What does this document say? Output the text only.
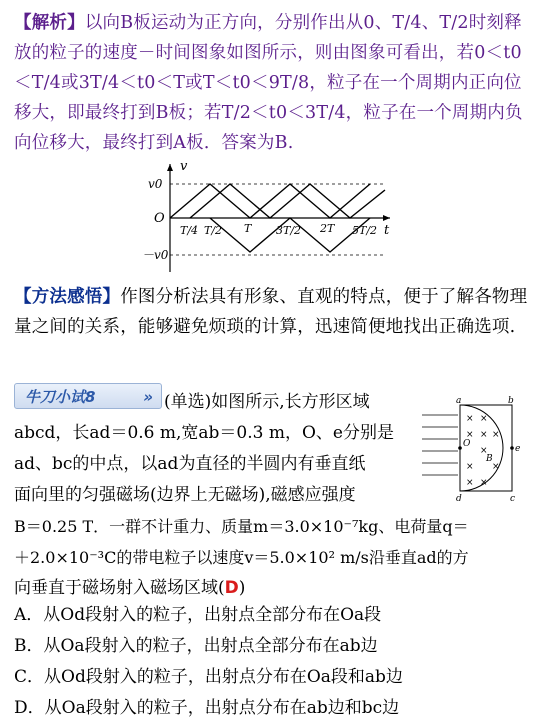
【解析】以向B板运动为正方向，分别作出从0、T/4、T/2时刻释放的粒子的速度－时间图象如图所示，则由图象可看出，若0＜t0＜T/4或3T/4＜t0＜T或T＜t0＜9T/8，粒子在一个周期内正向位移大，即最终打到B板；若T/2＜t0＜3T/4，粒子在一个周期内负向位移大，最终打到A板．答案为B.
v
t
O
v0
－v0
T/4 T/2 T 3T/2 2T 5T/2
【方法感悟】作图分析法具有形象、直观的特点，便于了解各物理量之间的关系，能够避免烦琐的计算，迅速简便地找出正确选项.
牛刀小试8	» (单选)如图所示,长方形区域
abcd，长ad＝0.6 m,宽ab＝0.3 m，O、e分别是
ad、bc的中点，以ad为直径的半圆内有垂直纸
面向里的匀强磁场(边界上无磁场),磁感应强度
B＝0.25 T．一群不计重力、质量m＝3.0×10⁻⁷kg、电荷量q＝
＋2.0×10⁻³C的带电粒子以速度v＝5.0×10² m/s沿垂直ad的方
向垂直于磁场射入磁场区域(D)
A．从Od段射入的粒子，出射点全部分布在Oa段
B．从Oa段射入的粒子，出射点全部分布在ab边
C．从Od段射入的粒子，出射点分布在Oa段和ab边
D．从Oa段射入的粒子，出射点分布在ab边和bc边
× ×
× × ×
×
× ×
× ×
a	b
c
d
O	e
B
